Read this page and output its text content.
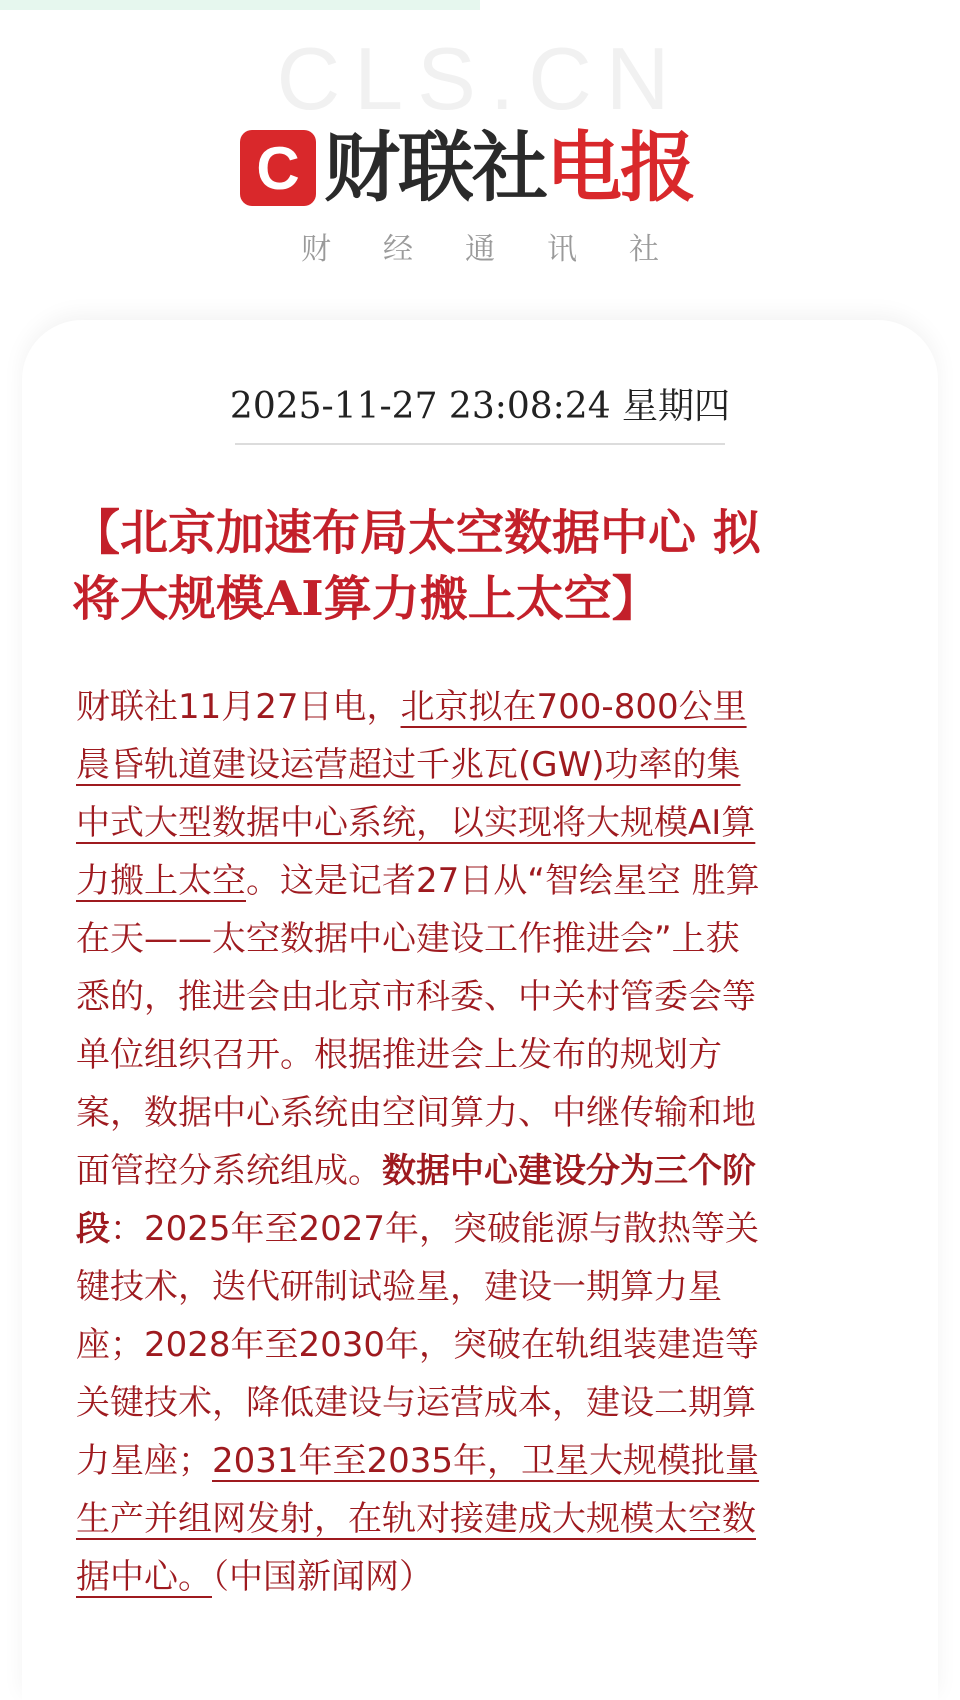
CLS.CN
C 财联社 电报
财经通讯社
2025-11-27 23:08:24 星期四
【北京加速布局太空数据中心 拟
将大规模AI算力搬上太空】
财联社11月27日电，北京拟在700-800公里
晨昏轨道建设运营超过千兆瓦(GW)功率的集
中式大型数据中心系统，以实现将大规模AI算
力搬上太空。这是记者27日从“智绘星空 胜算
在天——太空数据中心建设工作推进会”上获
悉的，推进会由北京市科委、中关村管委会等
单位组织召开。根据推进会上发布的规划方
案，数据中心系统由空间算力、中继传输和地
面管控分系统组成。数据中心建设分为三个阶
段：2025年至2027年，突破能源与散热等关
键技术，迭代研制试验星，建设一期算力星
座；2028年至2030年，突破在轨组装建造等
关键技术，降低建设与运营成本，建设二期算
力星座；2031年至2035年，卫星大规模批量
生产并组网发射，在轨对接建成大规模太空数
据中心。（中国新闻网）
